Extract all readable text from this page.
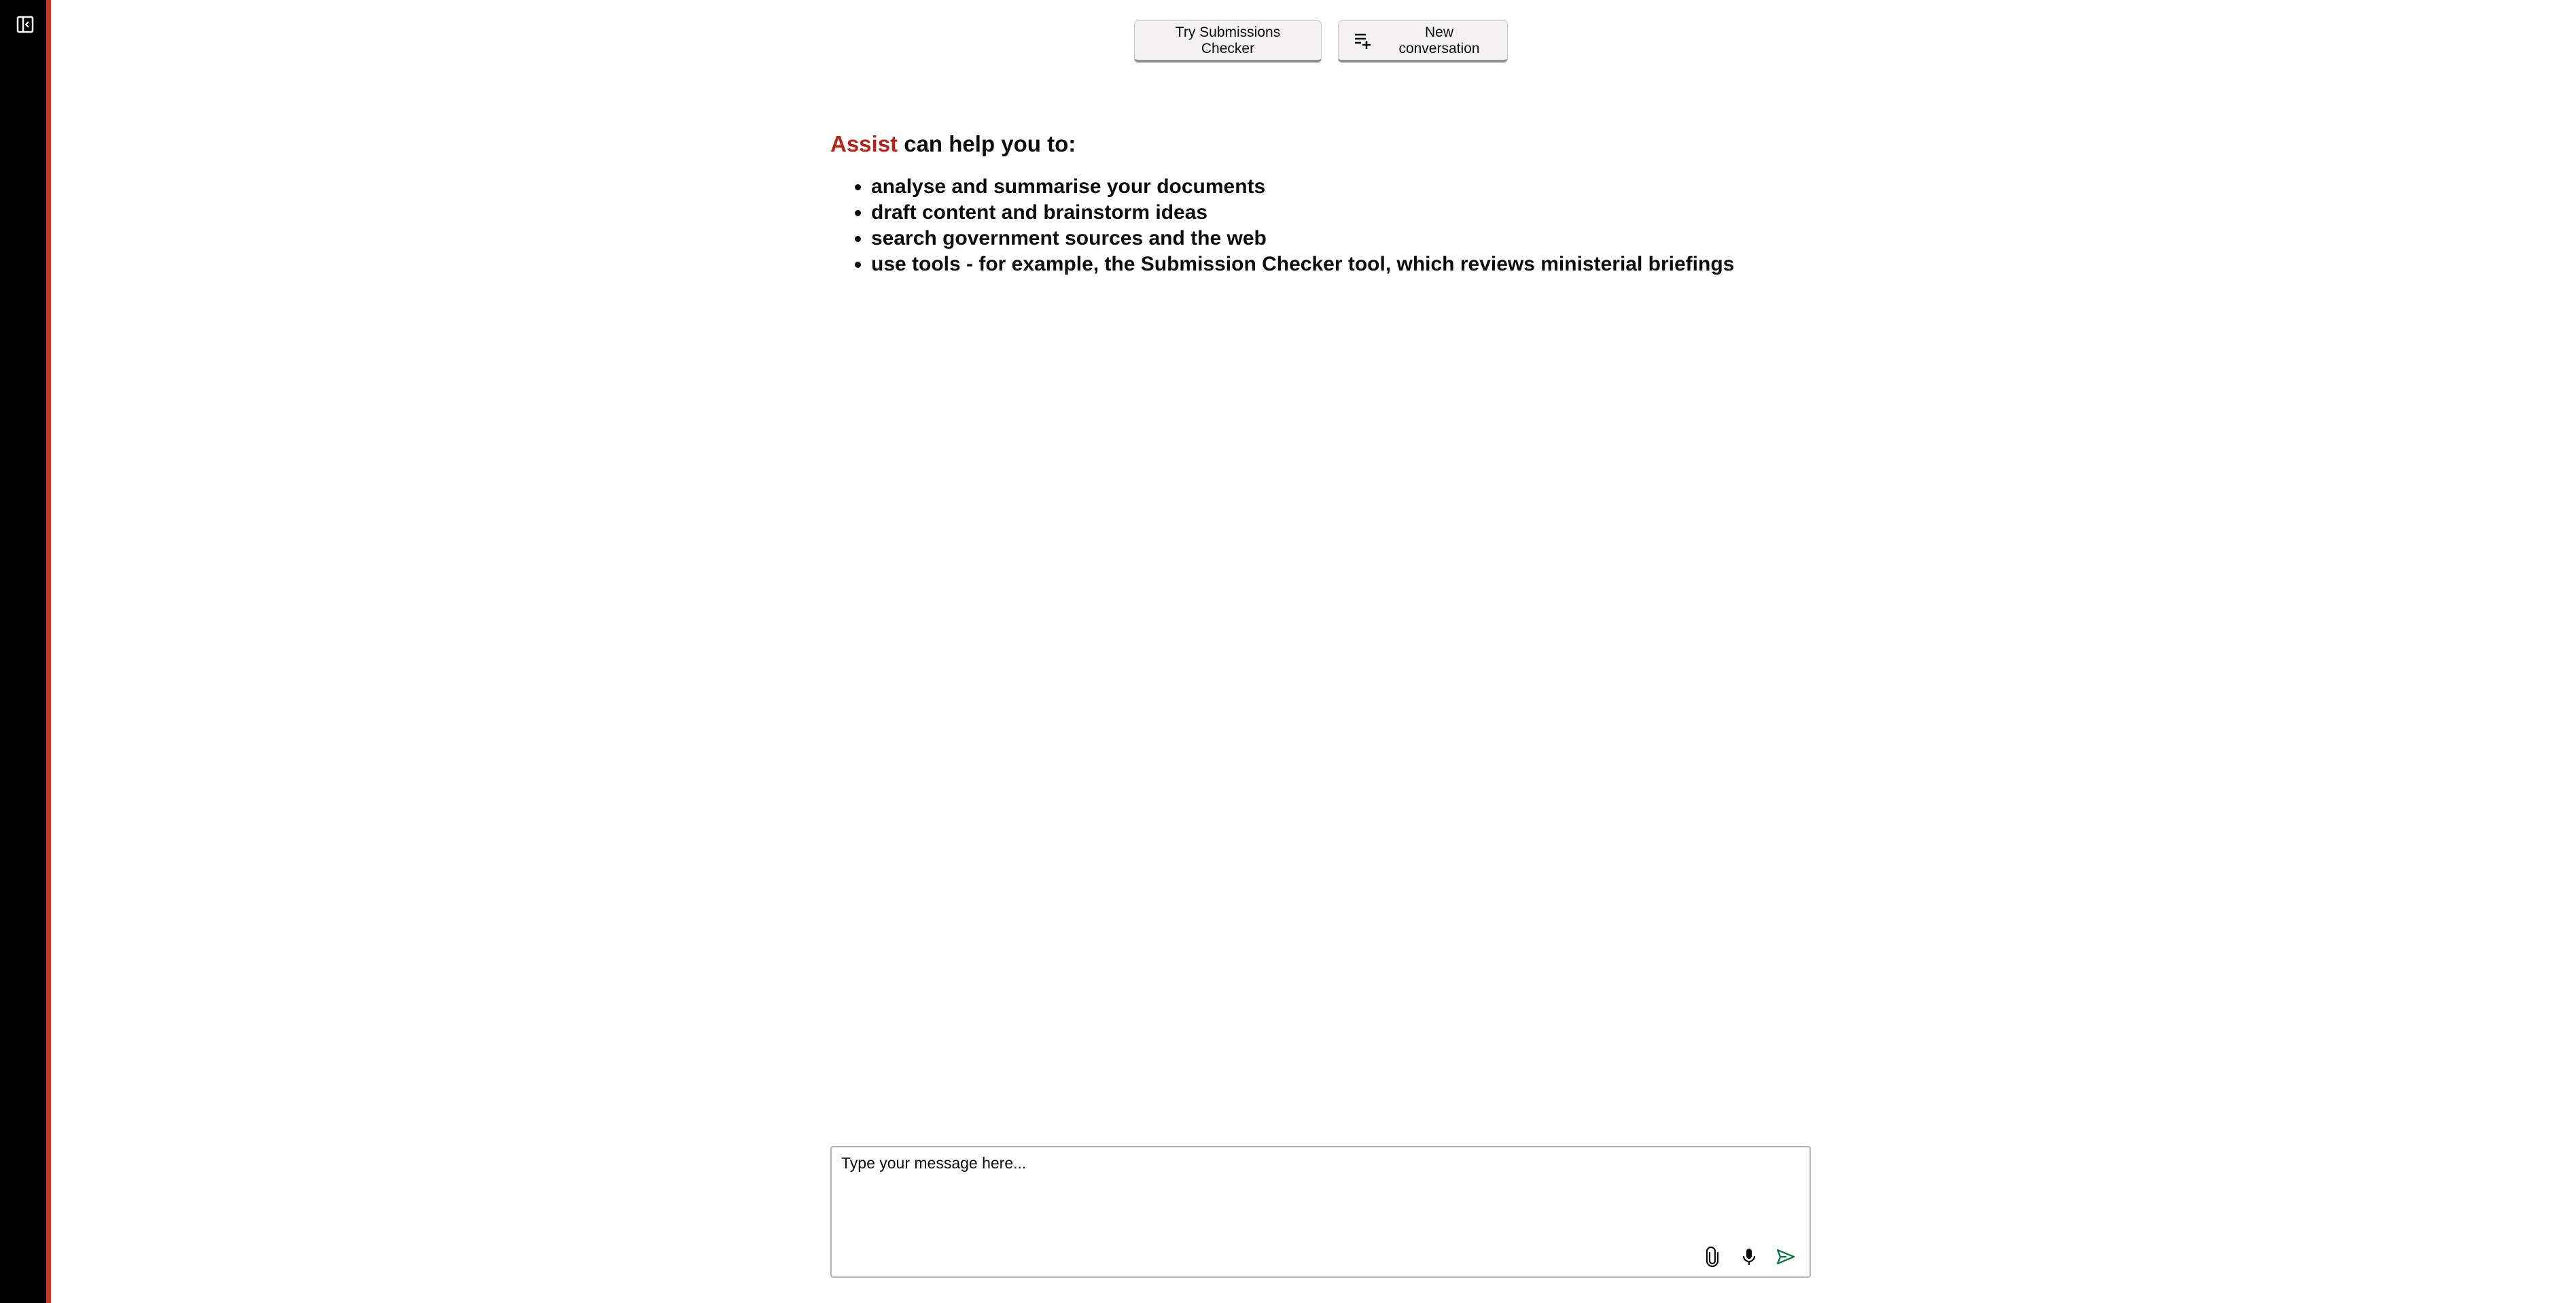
Try Submissions Checker
New conversation
Assist can help you to:
• analyse and summarise your documents
• draft content and brainstorm ideas
• search government sources and the web
• use tools - for example, the Submission Checker tool, which reviews ministerial briefings
Type your message here...
